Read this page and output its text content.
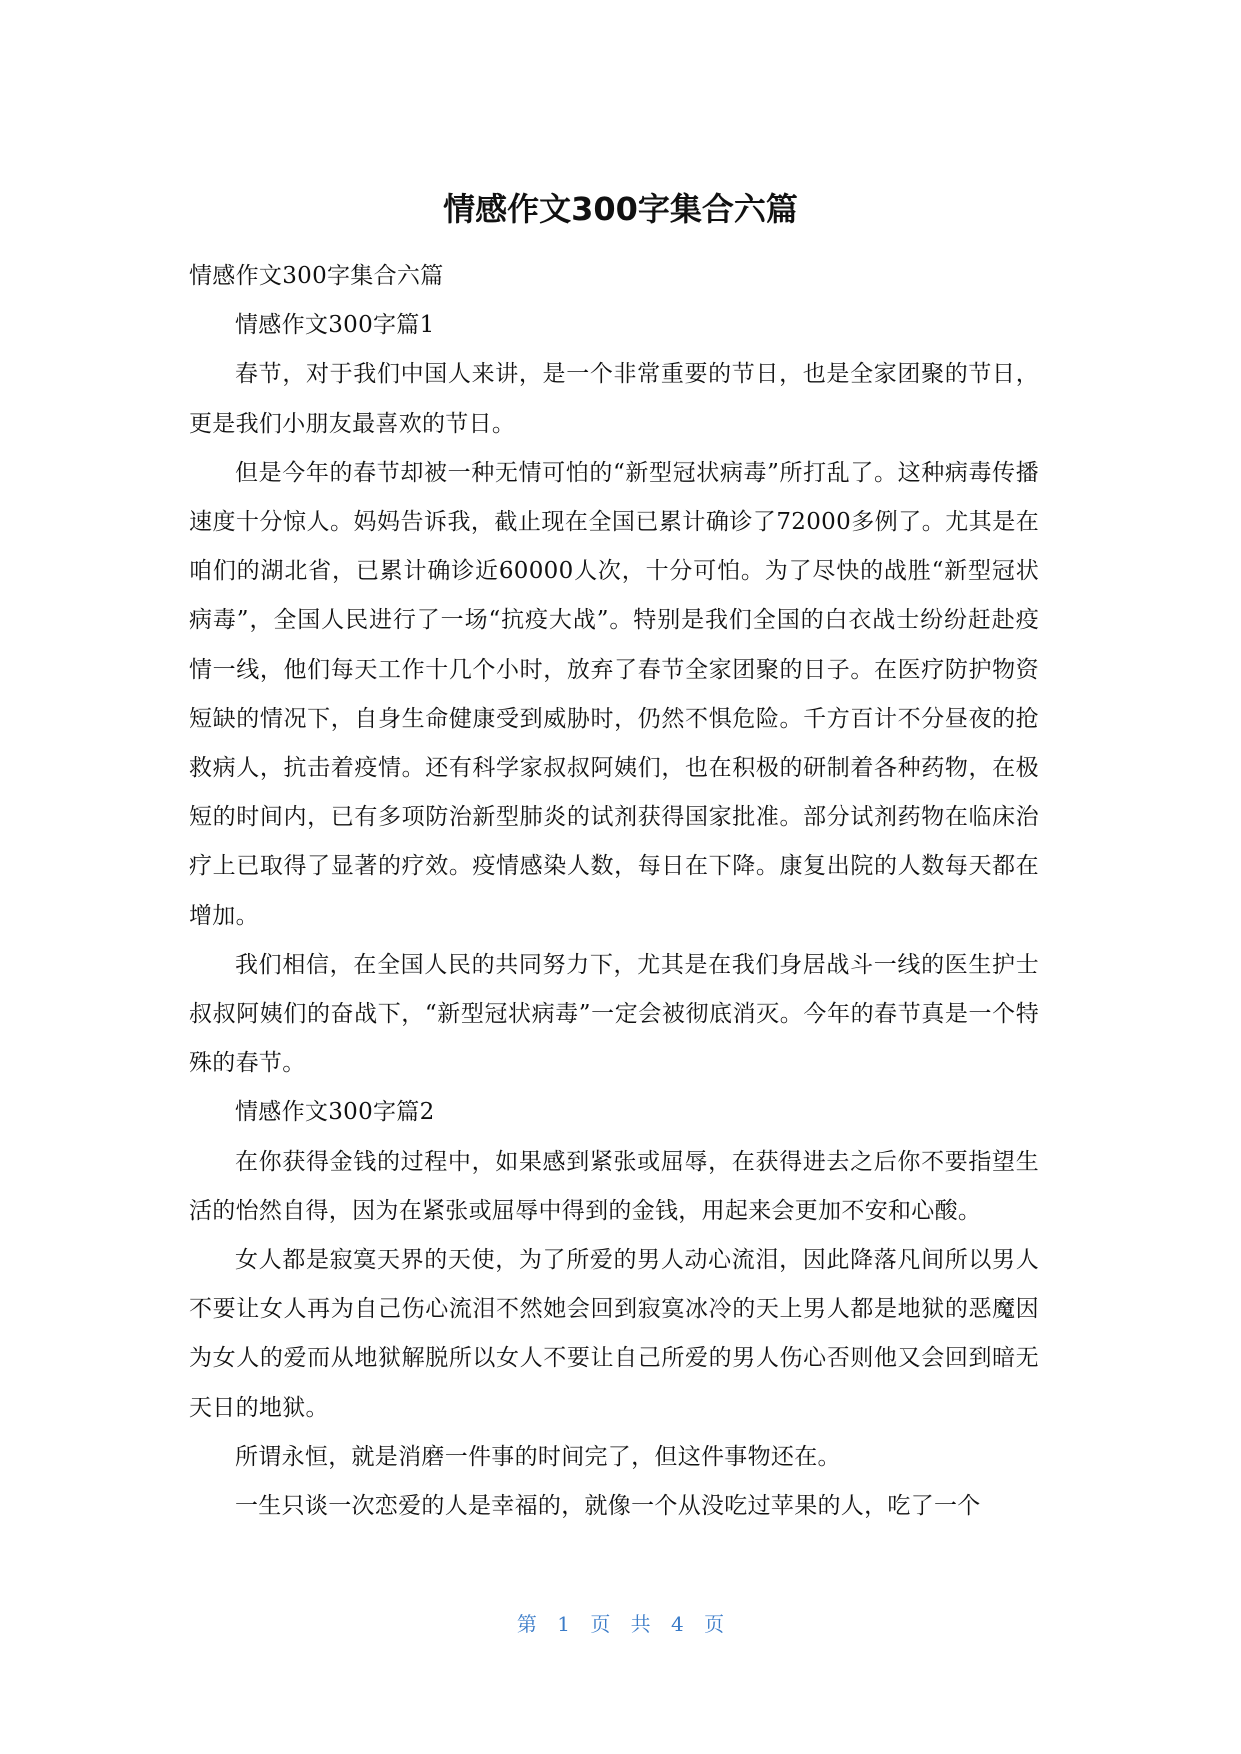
情感作文300字集合六篇

情感作文300字集合六篇

情感作文300字篇1

春节，对于我们中国人来讲，是一个非常重要的节日，也是全家团聚的节日，更是我们小朋友最喜欢的节日。

但是今年的春节却被一种无情可怕的“新型冠状病毒”所打乱了。这种病毒传播速度十分惊人。妈妈告诉我，截止现在全国已累计确诊了72000多例了。尤其是在咱们的湖北省，已累计确诊近60000人次，十分可怕。为了尽快的战胜“新型冠状病毒”，全国人民进行了一场“抗疫大战”。特别是我们全国的白衣战士纷纷赶赴疫情一线，他们每天工作十几个小时，放弃了春节全家团聚的日子。在医疗防护物资短缺的情况下，自身生命健康受到威胁时，仍然不惧危险。千方百计不分昼夜的抢救病人，抗击着疫情。还有科学家叔叔阿姨们，也在积极的研制着各种药物，在极短的时间内，已有多项防治新型肺炎的试剂获得国家批准。部分试剂药物在临床治疗上已取得了显著的疗效。疫情感染人数，每日在下降。康复出院的人数每天都在增加。

我们相信，在全国人民的共同努力下，尤其是在我们身居战斗一线的医生护士叔叔阿姨们的奋战下，“新型冠状病毒”一定会被彻底消灭。今年的春节真是一个特殊的春节。

情感作文300字篇2

在你获得金钱的过程中，如果感到紧张或屈辱，在获得进去之后你不要指望生活的怡然自得，因为在紧张或屈辱中得到的金钱，用起来会更加不安和心酸。

女人都是寂寞天界的天使，为了所爱的男人动心流泪，因此降落凡间所以男人不要让女人再为自己伤心流泪不然她会回到寂寞冰冷的天上男人都是地狱的恶魔因为女人的爱而从地狱解脱所以女人不要让自己所爱的男人伤心否则他又会回到暗无天日的地狱。

所谓永恒，就是消磨一件事的时间完了，但这件事物还在。

一生只谈一次恋爱的人是幸福的，就像一个从没吃过苹果的人，吃了一个

第 1 页 共 4 页
